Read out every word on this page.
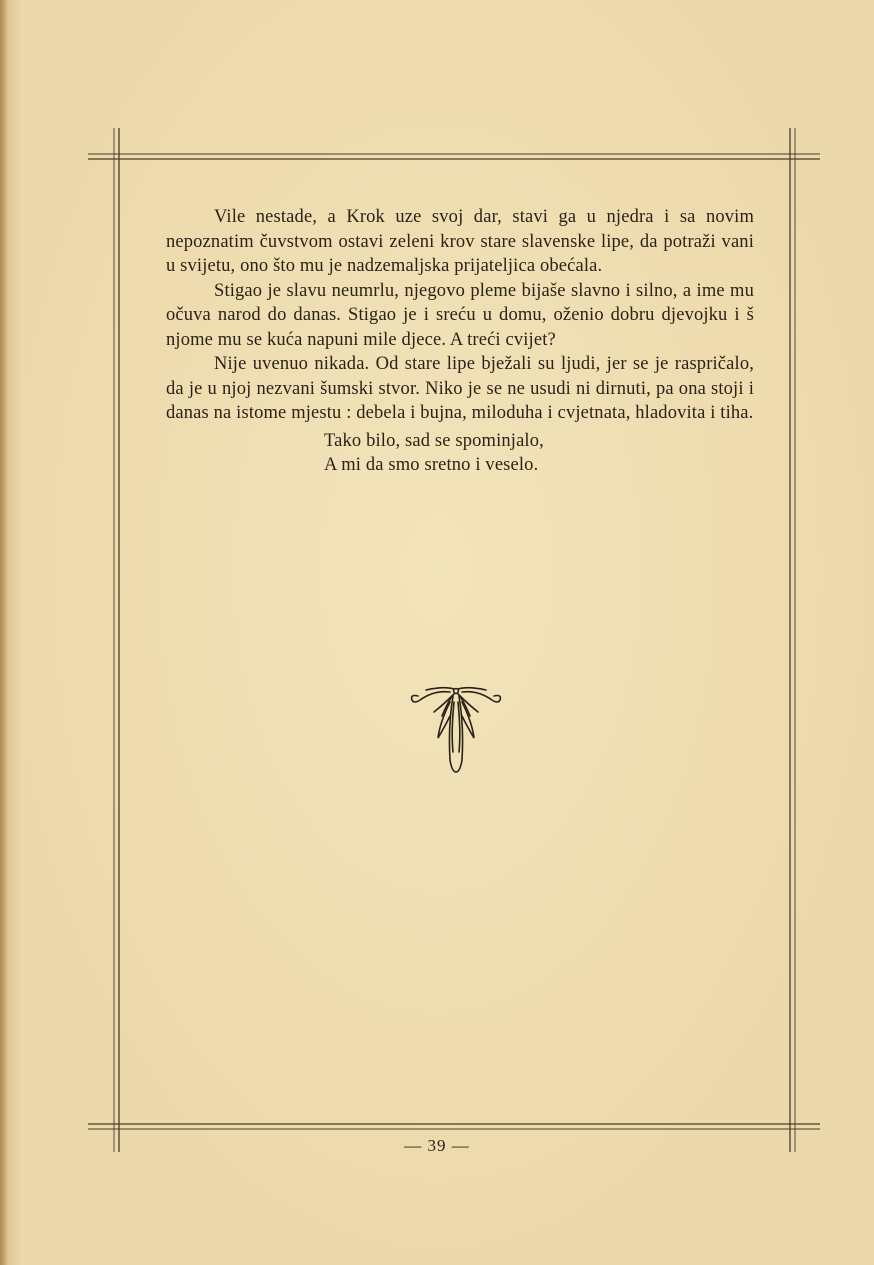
Vile nestade, a Krok uze svoj dar, stavi ga u njedra i sa novim nepoznatim čuvstvom ostavi zeleni krov stare slavenske lipe, da potraži vani u svijetu, ono što mu je nadzemaljska prijateljica obećala.

Stigao je slavu neumrlu, njegovo pleme bijaše slavno i silno, a ime mu očuva narod do danas. Stigao je i sreću u domu, oženio dobru djevojku i š njome mu se kuća napuni mile djece. A treći cvijet?

Nije uvenuo nikada. Od stare lipe bježali su ljudi, jer se je raspričalo, da je u njoj nezvani šumski stvor. Niko je se ne usudi ni dirnuti, pa ona stoji i danas na istome mjestu : debela i bujna, miloduha i cvjetnata, hladovita i tiha.

Tako bilo, sad se spominjalo,
A mi da smo sretno i veselo.
— 39 —
